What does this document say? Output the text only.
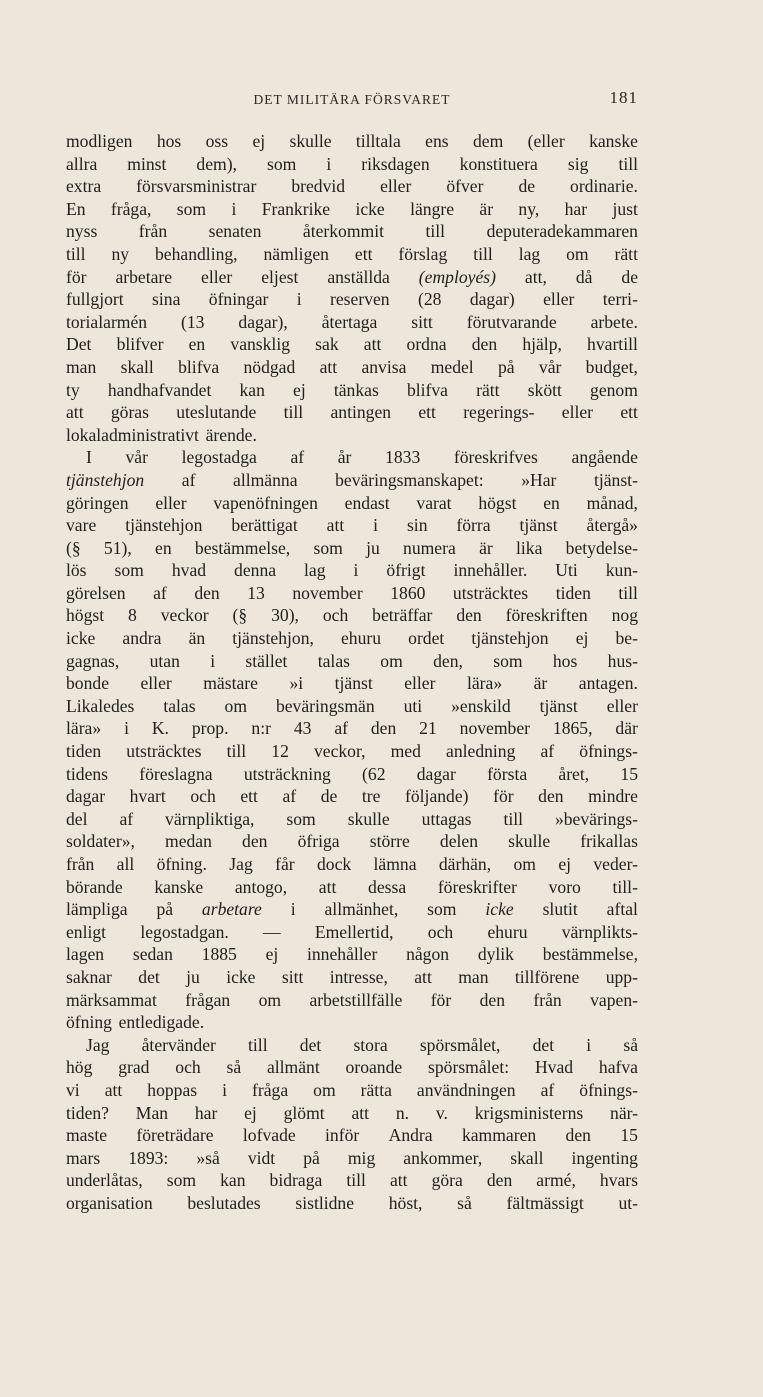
DET MILITÄRA FÖRSVARET	181
modligen hos oss ej skulle tilltala ens dem (eller kanske
allra minst dem), som i riksdagen konstituera sig till
extra försvarsministrar bredvid eller öfver de ordinarie.
En fråga, som i Frankrike icke längre är ny, har just
nyss från senaten återkommit till deputeradekammaren
till ny behandling, nämligen ett förslag till lag om rätt
för arbetare eller eljest anställda (employés) att, då de
fullgjort sina öfningar i reserven (28 dagar) eller terri-
torialarmén (13 dagar), återtaga sitt förutvarande arbete.
Det blifver en vansklig sak att ordna den hjälp, hvartill
man skall blifva nödgad att anvisa medel på vår budget,
ty handhafvandet kan ej tänkas blifva rätt skött genom
att göras uteslutande till antingen ett regerings- eller ett
lokaladministrativt ärende.
I vår legostadga af år 1833 föreskrifves angående
tjänstehjon af allmänna beväringsmanskapet: »Har tjänst-
göringen eller vapenöfningen endast varat högst en månad,
vare tjänstehjon berättigat att i sin förra tjänst återgå»
(§ 51), en bestämmelse, som ju numera är lika betydelse-
lös som hvad denna lag i öfrigt innehåller. Uti kun-
görelsen af den 13 november 1860 utsträcktes tiden till
högst 8 veckor (§ 30), och beträffar den föreskriften nog
icke andra än tjänstehjon, ehuru ordet tjänstehjon ej be-
gagnas, utan i stället talas om den, som hos hus-
bonde eller mästare »i tjänst eller lära» är antagen.
Likaledes talas om beväringsmän uti »enskild tjänst eller
lära» i K. prop. n:r 43 af den 21 november 1865, där
tiden utsträcktes till 12 veckor, med anledning af öfnings-
tidens föreslagna utsträckning (62 dagar första året, 15
dagar hvart och ett af de tre följande) för den mindre
del af värnpliktiga, som skulle uttagas till »bevärings-
soldater», medan den öfriga större delen skulle frikallas
från all öfning. Jag får dock lämna därhän, om ej veder-
börande kanske antogo, att dessa föreskrifter voro till-
lämpliga på arbetare i allmänhet, som icke slutit aftal
enligt legostadgan. — Emellertid, och ehuru värnplikts-
lagen sedan 1885 ej innehåller någon dylik bestämmelse,
saknar det ju icke sitt intresse, att man tillförene upp-
märksammat frågan om arbetstillfälle för den från vapen-
öfning entledigade.
Jag återvänder till det stora spörsmålet, det i så
hög grad och så allmänt oroande spörsmålet: Hvad hafva
vi att hoppas i fråga om rätta användningen af öfnings-
tiden? Man har ej glömt att n. v. krigsministerns när-
maste företrädare lofvade inför Andra kammaren den 15
mars 1893: »så vidt på mig ankommer, skall ingenting
underlåtas, som kan bidraga till att göra den armé, hvars
organisation beslutades sistlidne höst, så fältmässigt ut-
